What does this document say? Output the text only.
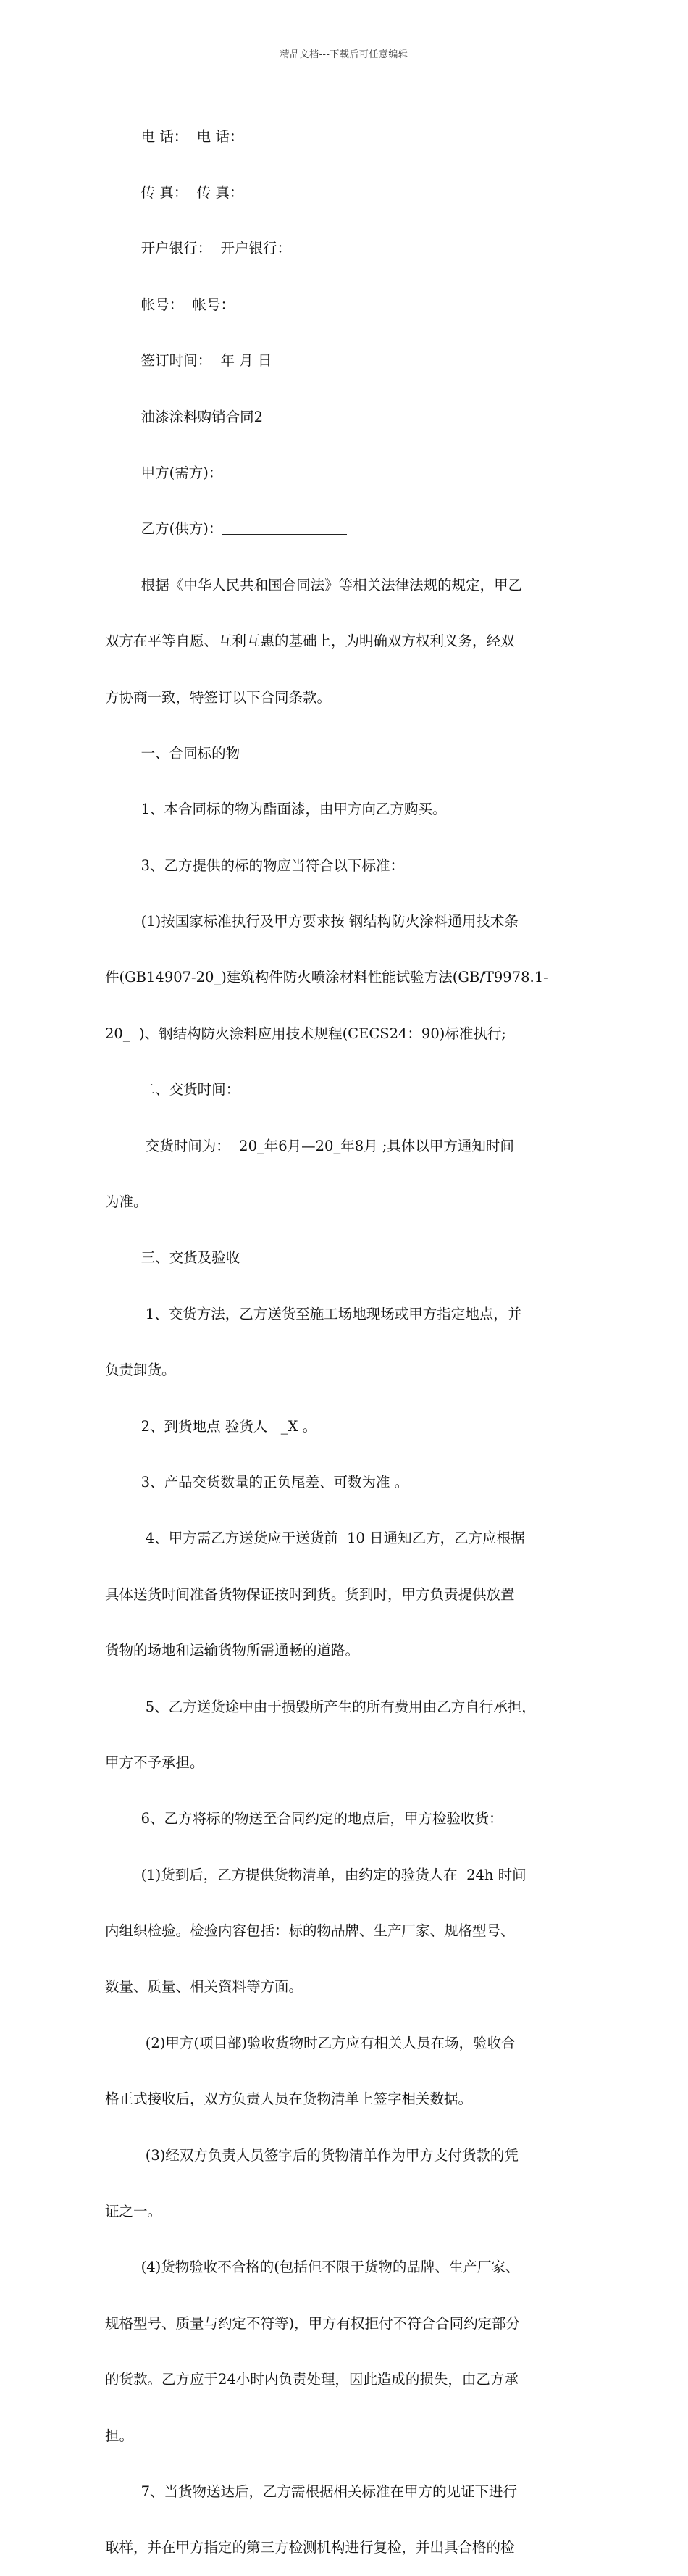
精品文档---下载后可任意编辑

电 话：  电 话：

传 真：  传 真：

开户银行：  开户银行：

帐号：  帐号：

签订时间：  年 月 日

油漆涂料购销合同2

甲方(需方)：

乙方(供方)：

根据《中华人民共和国合同法》等相关法律法规的规定，甲乙

双方在平等自愿、互利互惠的基础上，为明确双方权利义务，经双

方协商一致，特签订以下合同条款。

一、合同标的物

1、本合同标的物为酯面漆，由甲方向乙方购买。

3、乙方提供的标的物应当符合以下标准：

(1)按国家标准执行及甲方要求按 钢结构防火涂料通用技术条

件(GB14907-20_)建筑构件防火喷涂材料性能试验方法(GB/T9978.1-

20_  )、钢结构防火涂料应用技术规程(CECS24：90)标准执行;

二、交货时间：

交货时间为：  20_年6月—20_年8月 ;具体以甲方通知时间

为准。

三、交货及验收

1、交货方法，乙方送货至施工场地现场或甲方指定地点，并

负责卸货。

2、到货地点 验货人   _X 。

3、产品交货数量的正负尾差、可数为准 。

4、甲方需乙方送货应于送货前  10 日通知乙方，乙方应根据

具体送货时间准备货物保证按时到货。货到时，甲方负责提供放置

货物的场地和运输货物所需通畅的道路。

5、乙方送货途中由于损毁所产生的所有费用由乙方自行承担，

甲方不予承担。

6、乙方将标的物送至合同约定的地点后，甲方检验收货：

(1)货到后，乙方提供货物清单，由约定的验货人在  24h 时间

内组织检验。检验内容包括：标的物品牌、生产厂家、规格型号、

数量、质量、相关资料等方面。

(2)甲方(项目部)验收货物时乙方应有相关人员在场，验收合

格正式接收后，双方负责人员在货物清单上签字相关数据。

(3)经双方负责人员签字后的货物清单作为甲方支付货款的凭

证之一。

(4)货物验收不合格的(包括但不限于货物的品牌、生产厂家、

规格型号、质量与约定不符等)，甲方有权拒付不符合合同约定部分

的货款。乙方应于24小时内负责处理，因此造成的损失，由乙方承

担。

7、当货物送达后，乙方需根据相关标准在甲方的见证下进行

取样，并在甲方指定的第三方检测机构进行复检，并出具合格的检
